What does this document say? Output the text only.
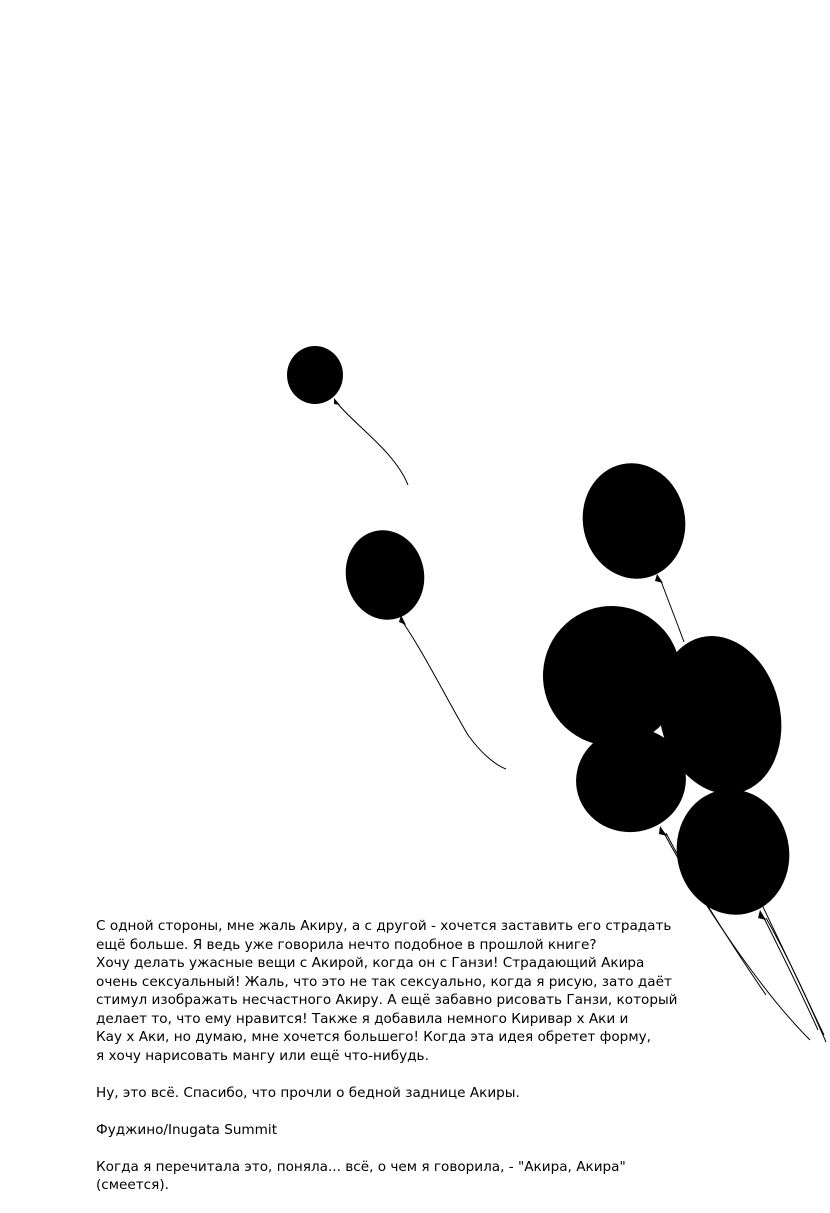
С одной стороны, мне жаль Акиру, а с другой - хочется заставить его страдать
ещё больше. Я ведь уже говорила нечто подобное в прошлой книге?
Хочу делать ужасные вещи с Акирой, когда он с Ганзи! Страдающий Акира
очень сексуальный! Жаль, что это не так сексуально, когда я рисую, зато даёт
стимул изображать несчастного Акиру. А ещё забавно рисовать Ганзи, который
делает то, что ему нравится! Также я добавила немного Киривар х Аки и
Кау х Аки, но думаю, мне хочется большего! Когда эта идея обретет форму,
я хочу нарисовать мангу или ещё что-нибудь.

Ну, это всё. Спасибо, что прочли о бедной заднице Акиры.

Фуджино/Inugata Summit

Когда я перечитала это, поняла... всё, о чем я говорила, - "Акира, Акира"
(смеется).
